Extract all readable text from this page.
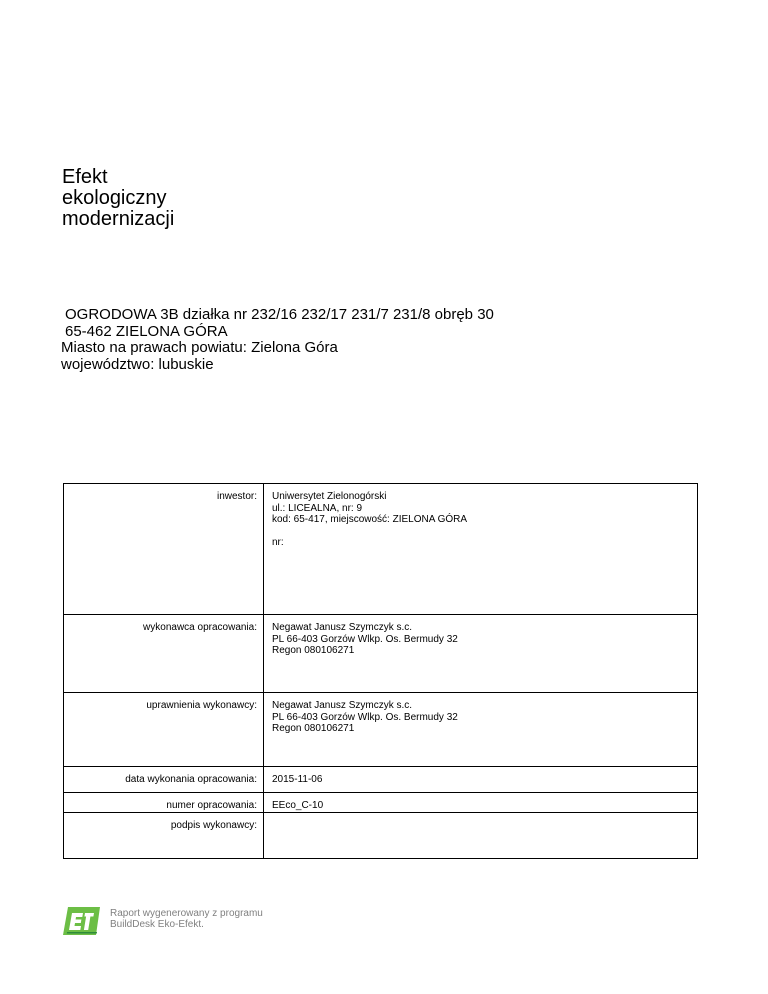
Efekt
ekologiczny
modernizacji
OGRODOWA 3B działka nr 232/16 232/17 231/7 231/8 obręb 30
65-462 ZIELONA GÓRA
Miasto na prawach powiatu: Zielona Góra
województwo: lubuskie
inwestor:	Uniwersytet Zielonogórski
ul.: LICEALNA, nr: 9
kod: 65-417, miejscowość: ZIELONA GÓRA
nr:

wykonawca opracowania:	Negawat Janusz Szymczyk s.c.
PL 66-403 Gorzów Wlkp. Os. Bermudy 32
Regon 080106271

uprawnienia wykonawcy:	Negawat Janusz Szymczyk s.c.
PL 66-403 Gorzów Wlkp. Os. Bermudy 32
Regon 080106271

data wykonania opracowania:	2015-11-06
numer opracowania:	EEco_C-10
podpis wykonawcy:	
Raport wygenerowany z programu
BuildDesk Eko-Efekt.
